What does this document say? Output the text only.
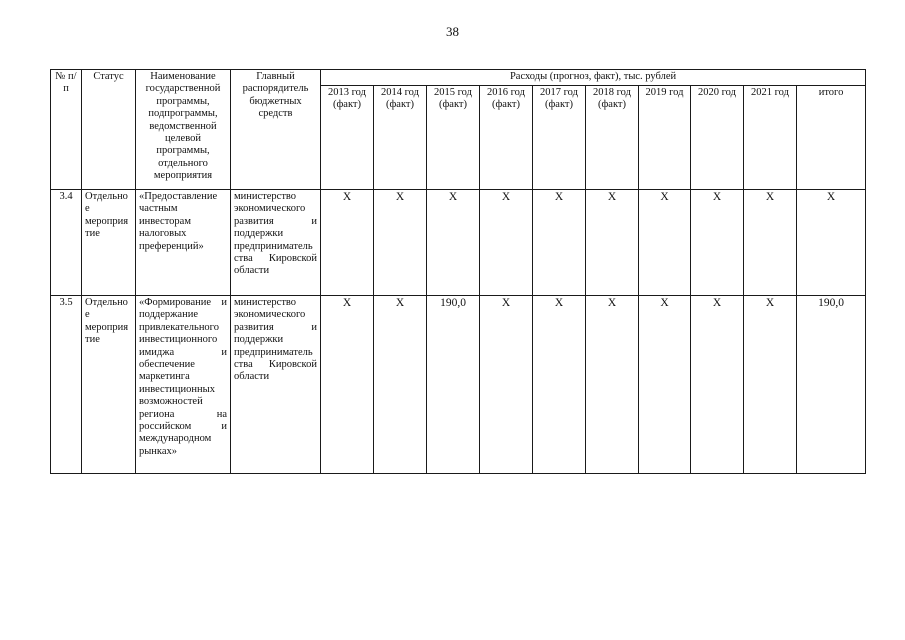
38
№ п/п	Статус	Наименование государственной программы, подпрограммы, ведомственной целевой программы, отдельного мероприятия	Главный распорядитель бюджетных средств	Расходы (прогноз, факт), тыс. рублей									
				2013 год (факт)	2014 год (факт)	2015 год (факт)	2016 год (факт)	2017 год (факт)	2018 год (факт)	2019 год	2020 год	2021 год	итого
3.4	Отдельное мероприятие	«Предоставление частным инвесторам налоговых преференций»	министерство экономического развития и поддержки предпринимательства Кировской области	X	X	X	X	X	X	X	X	X	X
3.5	Отдельное мероприятие	«Формирование и поддержание привлекательного инвестиционного имиджа и обеспечение маркетинга инвестиционных возможностей региона на российском и международном рынках»	министерство экономического развития и поддержки предпринимательства Кировской области	X	X	190,0	X	X	X	X	X	X	190,0
